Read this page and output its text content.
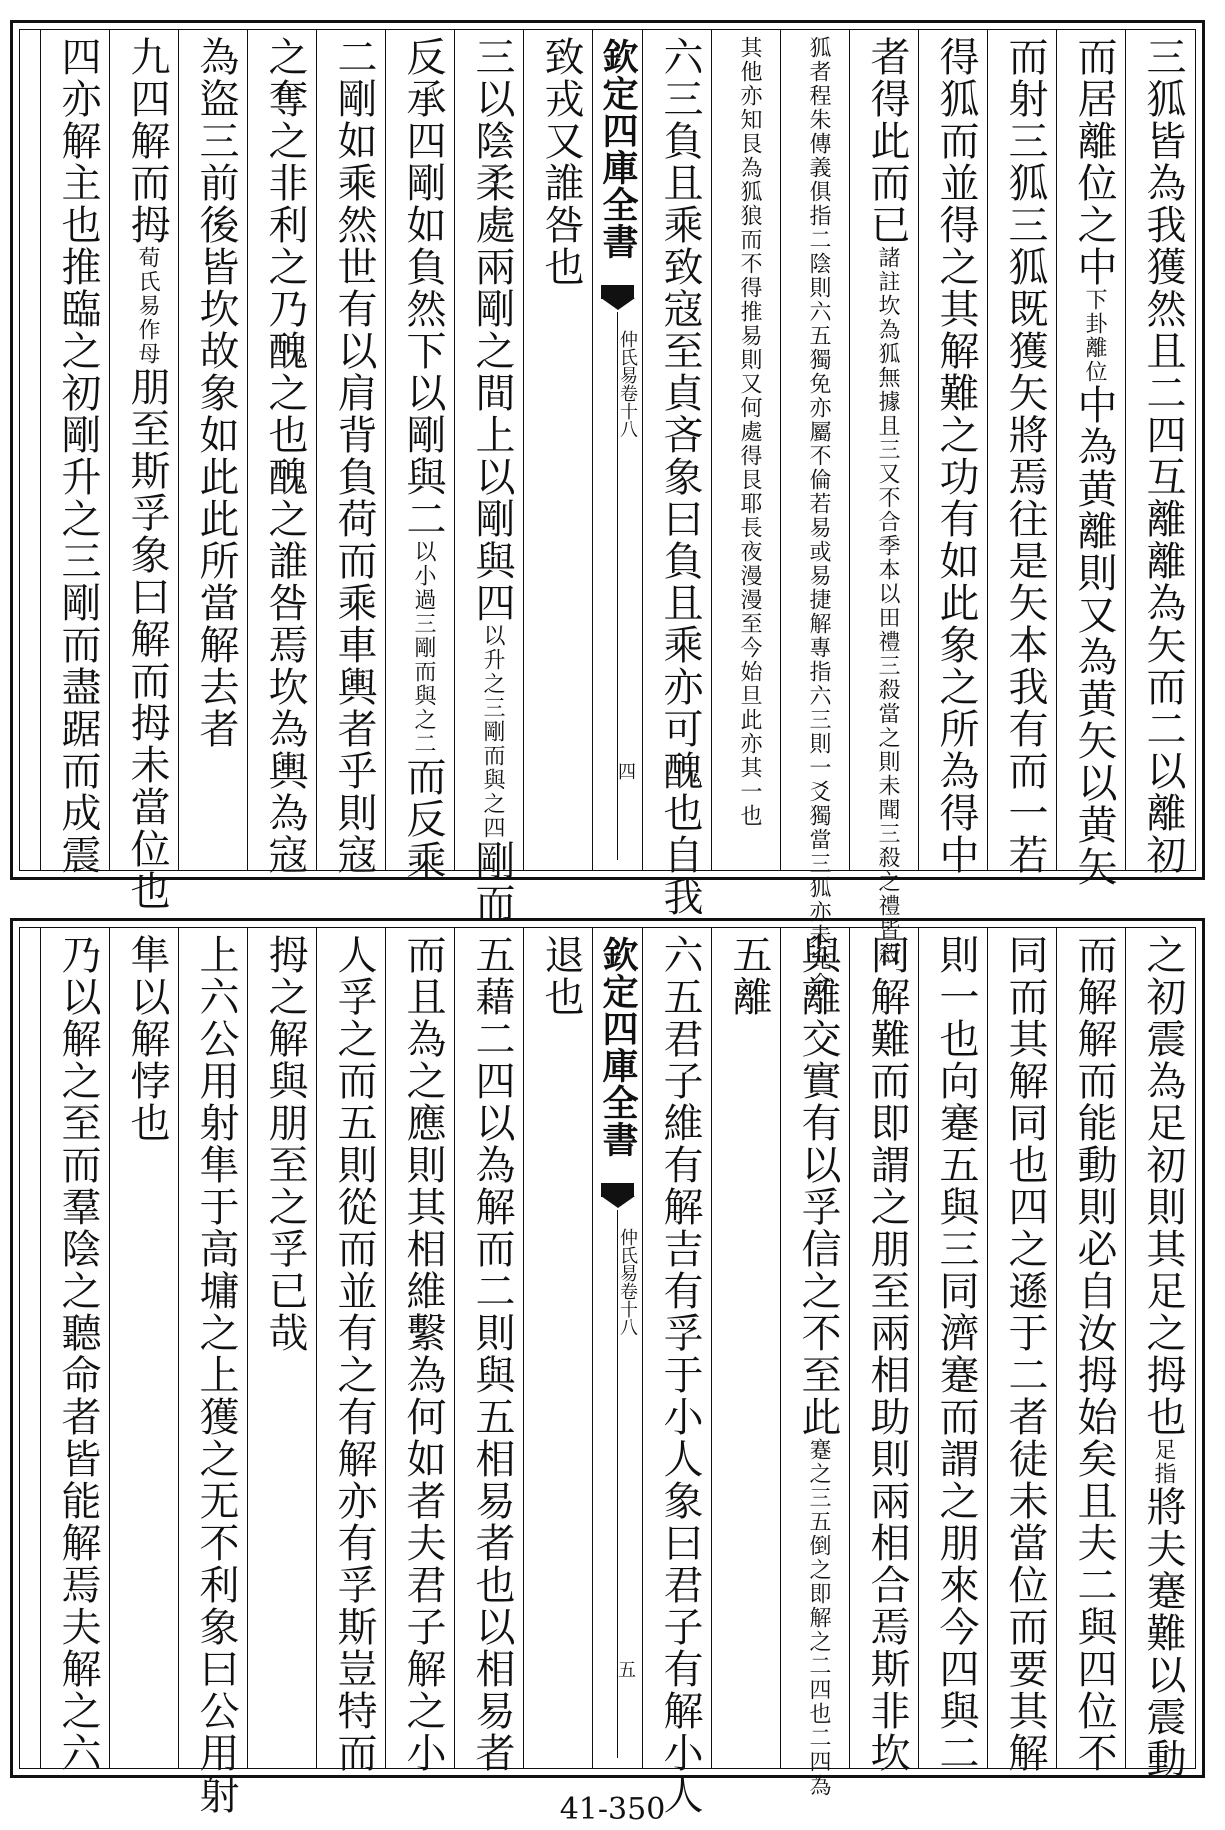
三狐皆為我獲然且二四互離離為矢而二以離初
而居離位之中下卦離位中為黄離則又為黄矢以黄矢
而射三狐三狐既獲矢將焉往是矢本我有而一若
得狐而並得之其解難之功有如此象之所為得中
者得此而已諸註坎為狐無據且三又不合季本以田禮三殺當之則未聞三殺之禮皆殺
狐者程朱傳義俱指二陰則六五獨免亦屬不倫若易或易捷解專指六三則一爻獨當三狐亦未允合
其他亦知艮為狐狼而不得推易則又何處得艮耶長夜漫漫至今始旦此亦其一也
六三負且乘致寇至貞吝象曰負且乘亦可醜也自我
欽定四庫全書
仲氏易卷十八
四
致戎又誰咎也
三以陰柔處兩剛之間上以剛與四以升之三剛而與之四剛而
反承四剛如負然下以剛與二以小過三剛而與之二而反乘
二剛如乘然世有以肩背負荷而乘車輿者乎則寇
之奪之非利之乃醜之也醜之誰咎焉坎為輿為寇
為盜三前後皆坎故象如此此所當解去者
九四解而拇荀氏易作母朋至斯孚象曰解而拇未當位也
四亦解主也推臨之初剛升之三剛而盡踞而成震
之初震為足初則其足之拇也足指將夫蹇難以震動
而解解而能動則必自汝拇始矣且夫二與四位不
同而其解同也四之遜于二者徒未當位而要其解
則一也向蹇五與三同濟蹇而謂之朋來今四與二
同解難而即謂之朋至兩相助則兩相合焉斯非坎
與離交實有以孚信之不至此蹇之三五倒之即解之二四也二四為
五離
六五君子維有解吉有孚于小人象曰君子有解小人
欽定四庫全書
仲氏易卷十八
五
退也
五藉二四以為解而二則與五相易者也以相易者
而且為之應則其相維繫為何如者夫君子解之小
人孚之而五則從而並有之有解亦有孚斯豈特而
拇之解與朋至之孚已哉
上六公用射隼于高墉之上獲之无不利象曰公用射
隼以解悖也
乃以解之至而羣陰之聽命者皆能解焉夫解之六
41-350
